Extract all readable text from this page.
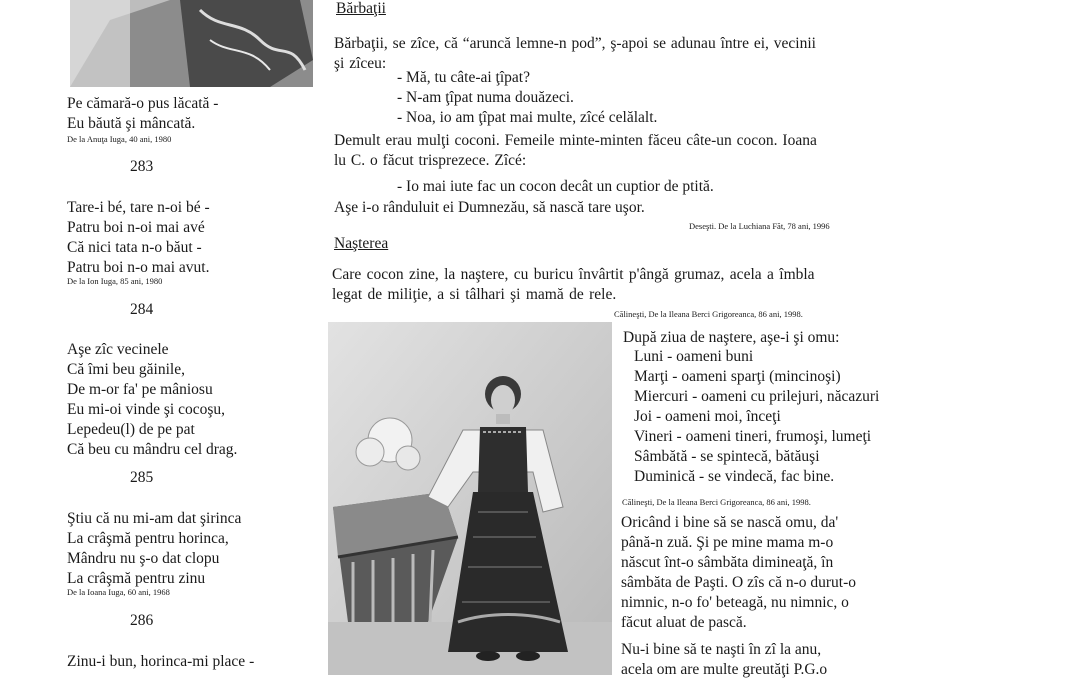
Pe cămară-o pus lăcată -
Eu băută şi mâncată.
De la Anuţa Iuga, 40 ani, 1980
283
Tare-i bé, tare n-oi bé -
Patru boi n-oi mai avé
Că nici tata n-o băut -
Patru boi n-o mai avut.
De la Ion Iuga, 85 ani, 1980
284
Aşe zîc vecinele
Că îmi beu găinile,
De m-or fa' pe mâniosu
Eu mi-oi vinde şi cocoşu,
Lepedeu(l) de pe pat
Că beu cu mândru cel drag.
285
Ştiu că nu mi-am dat şirinca
La crâşmă pentru horinca,
Mândru nu ş-o dat clopu
La crâşmă pentru zinu
De la Ioana Iuga, 60 ani, 1968
286
Zinu-i bun, horinca-mi place -
Bărbaţii
Bărbaţii, se zîce, că “aruncă lemne-n pod”, ş-apoi se adunau între ei, vecinii
şi zîceu:
- Mă, tu câte-ai ţîpat?
- N-am ţîpat numa douăzeci.
- Noa, io am ţîpat mai multe, zîcé celălalt.
Demult erau mulţi coconi. Femeile minte-minten făceu câte-un cocon. Ioana
lu C. o făcut trisprezece. Zîcé:
- Io mai iute fac un cocon decât un cuptior de ptită.
Aşe i-o rânduluit ei Dumnezău, să nască tare uşor.
Deseşti. De la Luchiana Făt, 78 ani, 1996
Naşterea
Care cocon zine, la naştere, cu buricu învârtit p'ângă grumaz, acela a îmbla
legat de miliţie, a si tâlhari şi mamă de rele.
Călineşti, De la Ileana Berci Grigoreanca, 86 ani, 1998.
După ziua de naştere, aşe-i şi omu:
Luni - oameni buni
Marţi - oameni sparţi (mincinoşi)
Miercuri - oameni cu prilejuri, năcazuri
Joi - oameni moi, înceţi
Vineri - oameni tineri, frumoşi, lumeţi
Sâmbătă - se spintecă, bătăuşi
Duminică - se vindecă, fac bine.
Călineşti, De la Ileana Berci Grigoreanca, 86 ani, 1998.
Oricând i bine să se nască omu, da'
până-n zuă. Şi pe mine mama m-o
născut înt-o sâmbăta dimineaţă, în
sâmbăta de Paşti. O zîs că n-o durut-o
nimnic, n-o fo' beteagă, nu nimnic, o
făcut aluat de pască.
Nu-i bine să te naşti în zî la anu,
acela om are multe greutăţi P.G.o
